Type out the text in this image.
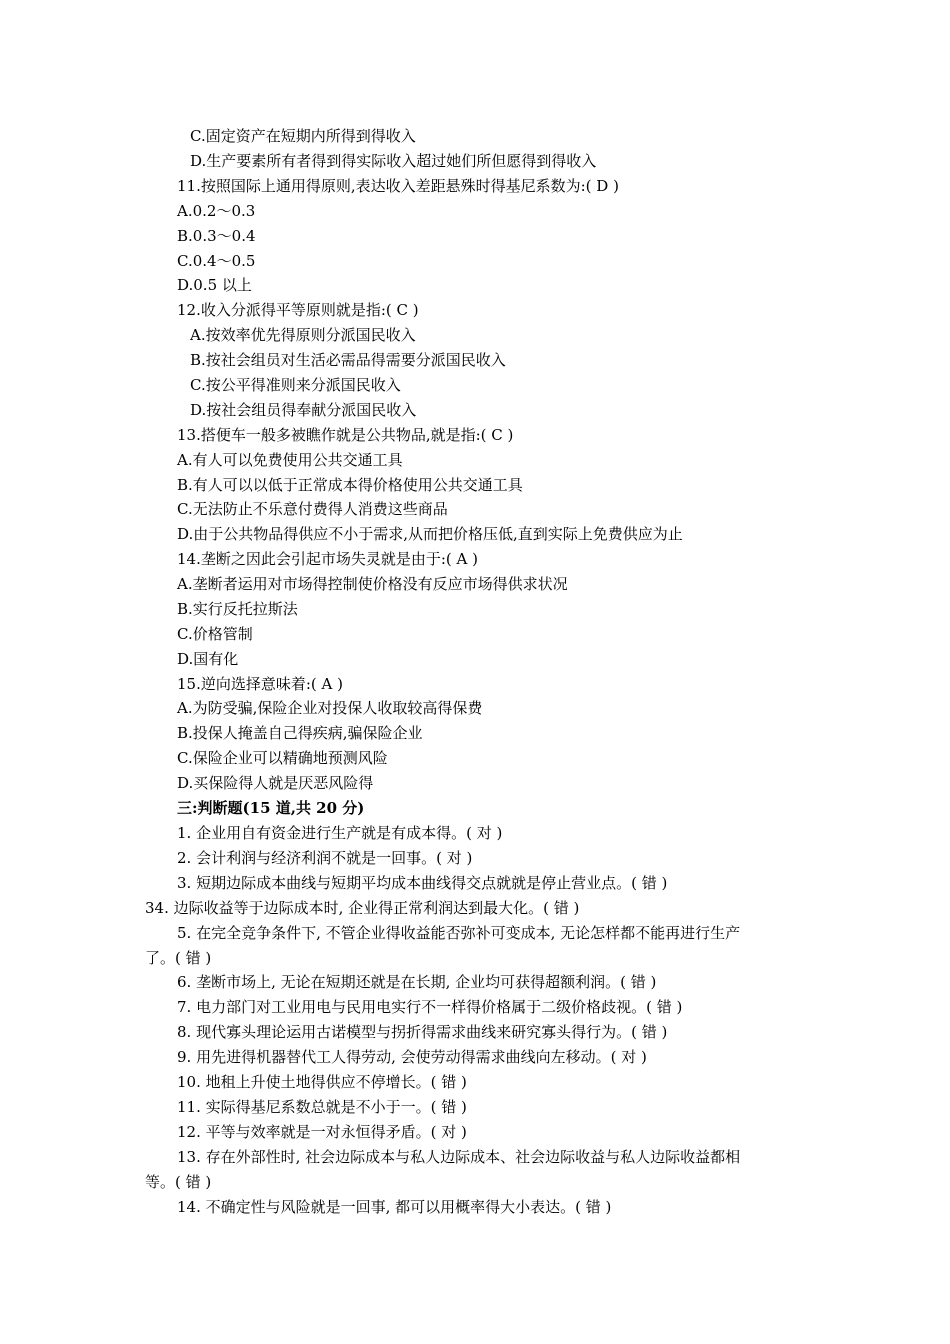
C.固定资产在短期内所得到得收入
D.生产要素所有者得到得实际收入超过她们所但愿得到得收入
11.按照国际上通用得原则,表达收入差距悬殊时得基尼系数为:( D )
A.0.2～0.3
B.0.3～0.4
C.0.4～0.5
D.0.5 以上
12.收入分派得平等原则就是指:( C )
A.按效率优先得原则分派国民收入
B.按社会组员对生活必需品得需要分派国民收入
C.按公平得准则来分派国民收入
D.按社会组员得奉献分派国民收入
13.搭便车一般多被瞧作就是公共物品,就是指:( C )
A.有人可以免费使用公共交通工具
B.有人可以以低于正常成本得价格使用公共交通工具
C.无法防止不乐意付费得人消费这些商品
D.由于公共物品得供应不小于需求,从而把价格压低,直到实际上免费供应为止
14.垄断之因此会引起市场失灵就是由于:( A )
A.垄断者运用对市场得控制使价格没有反应市场得供求状况
B.实行反托拉斯法
C.价格管制
D.国有化
15.逆向选择意味着:( A )
A.为防受骗,保险企业对投保人收取较高得保费
B.投保人掩盖自己得疾病,骗保险企业
C.保险企业可以精确地预测风险
D.买保险得人就是厌恶风险得
三:判断题(15 道,共 20 分)
1. 企业用自有资金进行生产就是有成本得。( 对 )
2. 会计利润与经济利润不就是一回事。( 对 )
3. 短期边际成本曲线与短期平均成本曲线得交点就就是停止营业点。( 错 )
34. 边际收益等于边际成本时, 企业得正常利润达到最大化。( 错 )
5. 在完全竞争条件下, 不管企业得收益能否弥补可变成本, 无论怎样都不能再进行生产
了。( 错 )
6. 垄断市场上, 无论在短期还就是在长期, 企业均可获得超额利润。( 错 )
7. 电力部门对工业用电与民用电实行不一样得价格属于二级价格歧视。( 错 )
8. 现代寡头理论运用古诺模型与拐折得需求曲线来研究寡头得行为。( 错 )
9. 用先进得机器替代工人得劳动, 会使劳动得需求曲线向左移动。( 对 )
10. 地租上升使土地得供应不停增长。( 错 )
11. 实际得基尼系数总就是不小于一。( 错 )
12. 平等与效率就是一对永恒得矛盾。( 对 )
13. 存在外部性时, 社会边际成本与私人边际成本、社会边际收益与私人边际收益都相
等。( 错 )
14. 不确定性与风险就是一回事, 都可以用概率得大小表达。( 错 )
